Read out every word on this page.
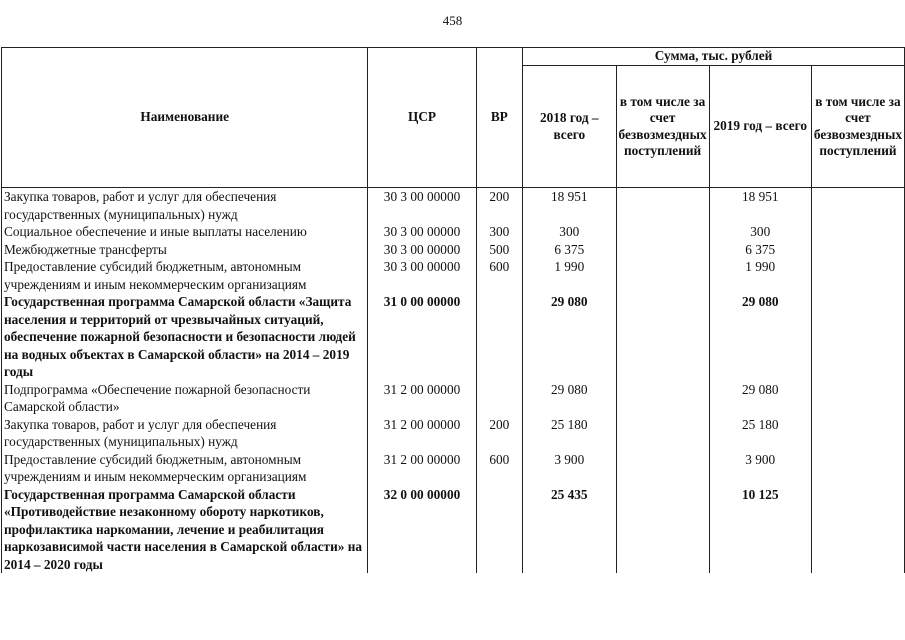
458
Наименование	ЦСР	ВР	Сумма, тыс. рублей			
			2018 год – всего	в том числе за счет безвозмездных поступлений	2019 год – всего	в том числе за счет безвозмездных поступлений
Закупка товаров, работ и услуг для обеспечения государственных (муниципальных) нужд	30 3 00 00000	200	18 951		18 951	
Социальное обеспечение и иные выплаты населению	30 3 00 00000	300	300		300	
Межбюджетные трансферты	30 3 00 00000	500	6 375		6 375	
Предоставление субсидий бюджетным, автономным учреждениям и иным некоммерческим организациям	30 3 00 00000	600	1 990		1 990	
Государственная программа Самарской области «Защита населения и территорий от чрезвычайных ситуаций, обеспечение пожарной безопасности и безопасности людей на водных объектах в Самарской области» на 2014 – 2019 годы	31 0 00 00000		29 080		29 080	
Подпрограмма «Обеспечение пожарной безопасности Самарской области»	31 2 00 00000		29 080		29 080	
Закупка товаров, работ и услуг для обеспечения государственных (муниципальных) нужд	31 2 00 00000	200	25 180		25 180	
Предоставление субсидий бюджетным, автономным учреждениям и иным некоммерческим организациям	31 2 00 00000	600	3 900		3 900	
Государственная программа Самарской области «Противодействие незаконному обороту наркотиков, профилактика наркомании, лечение и реабилитация наркозависимой части населения в Самарской области» на 2014 – 2020 годы	32 0 00 00000		25 435		10 125	
